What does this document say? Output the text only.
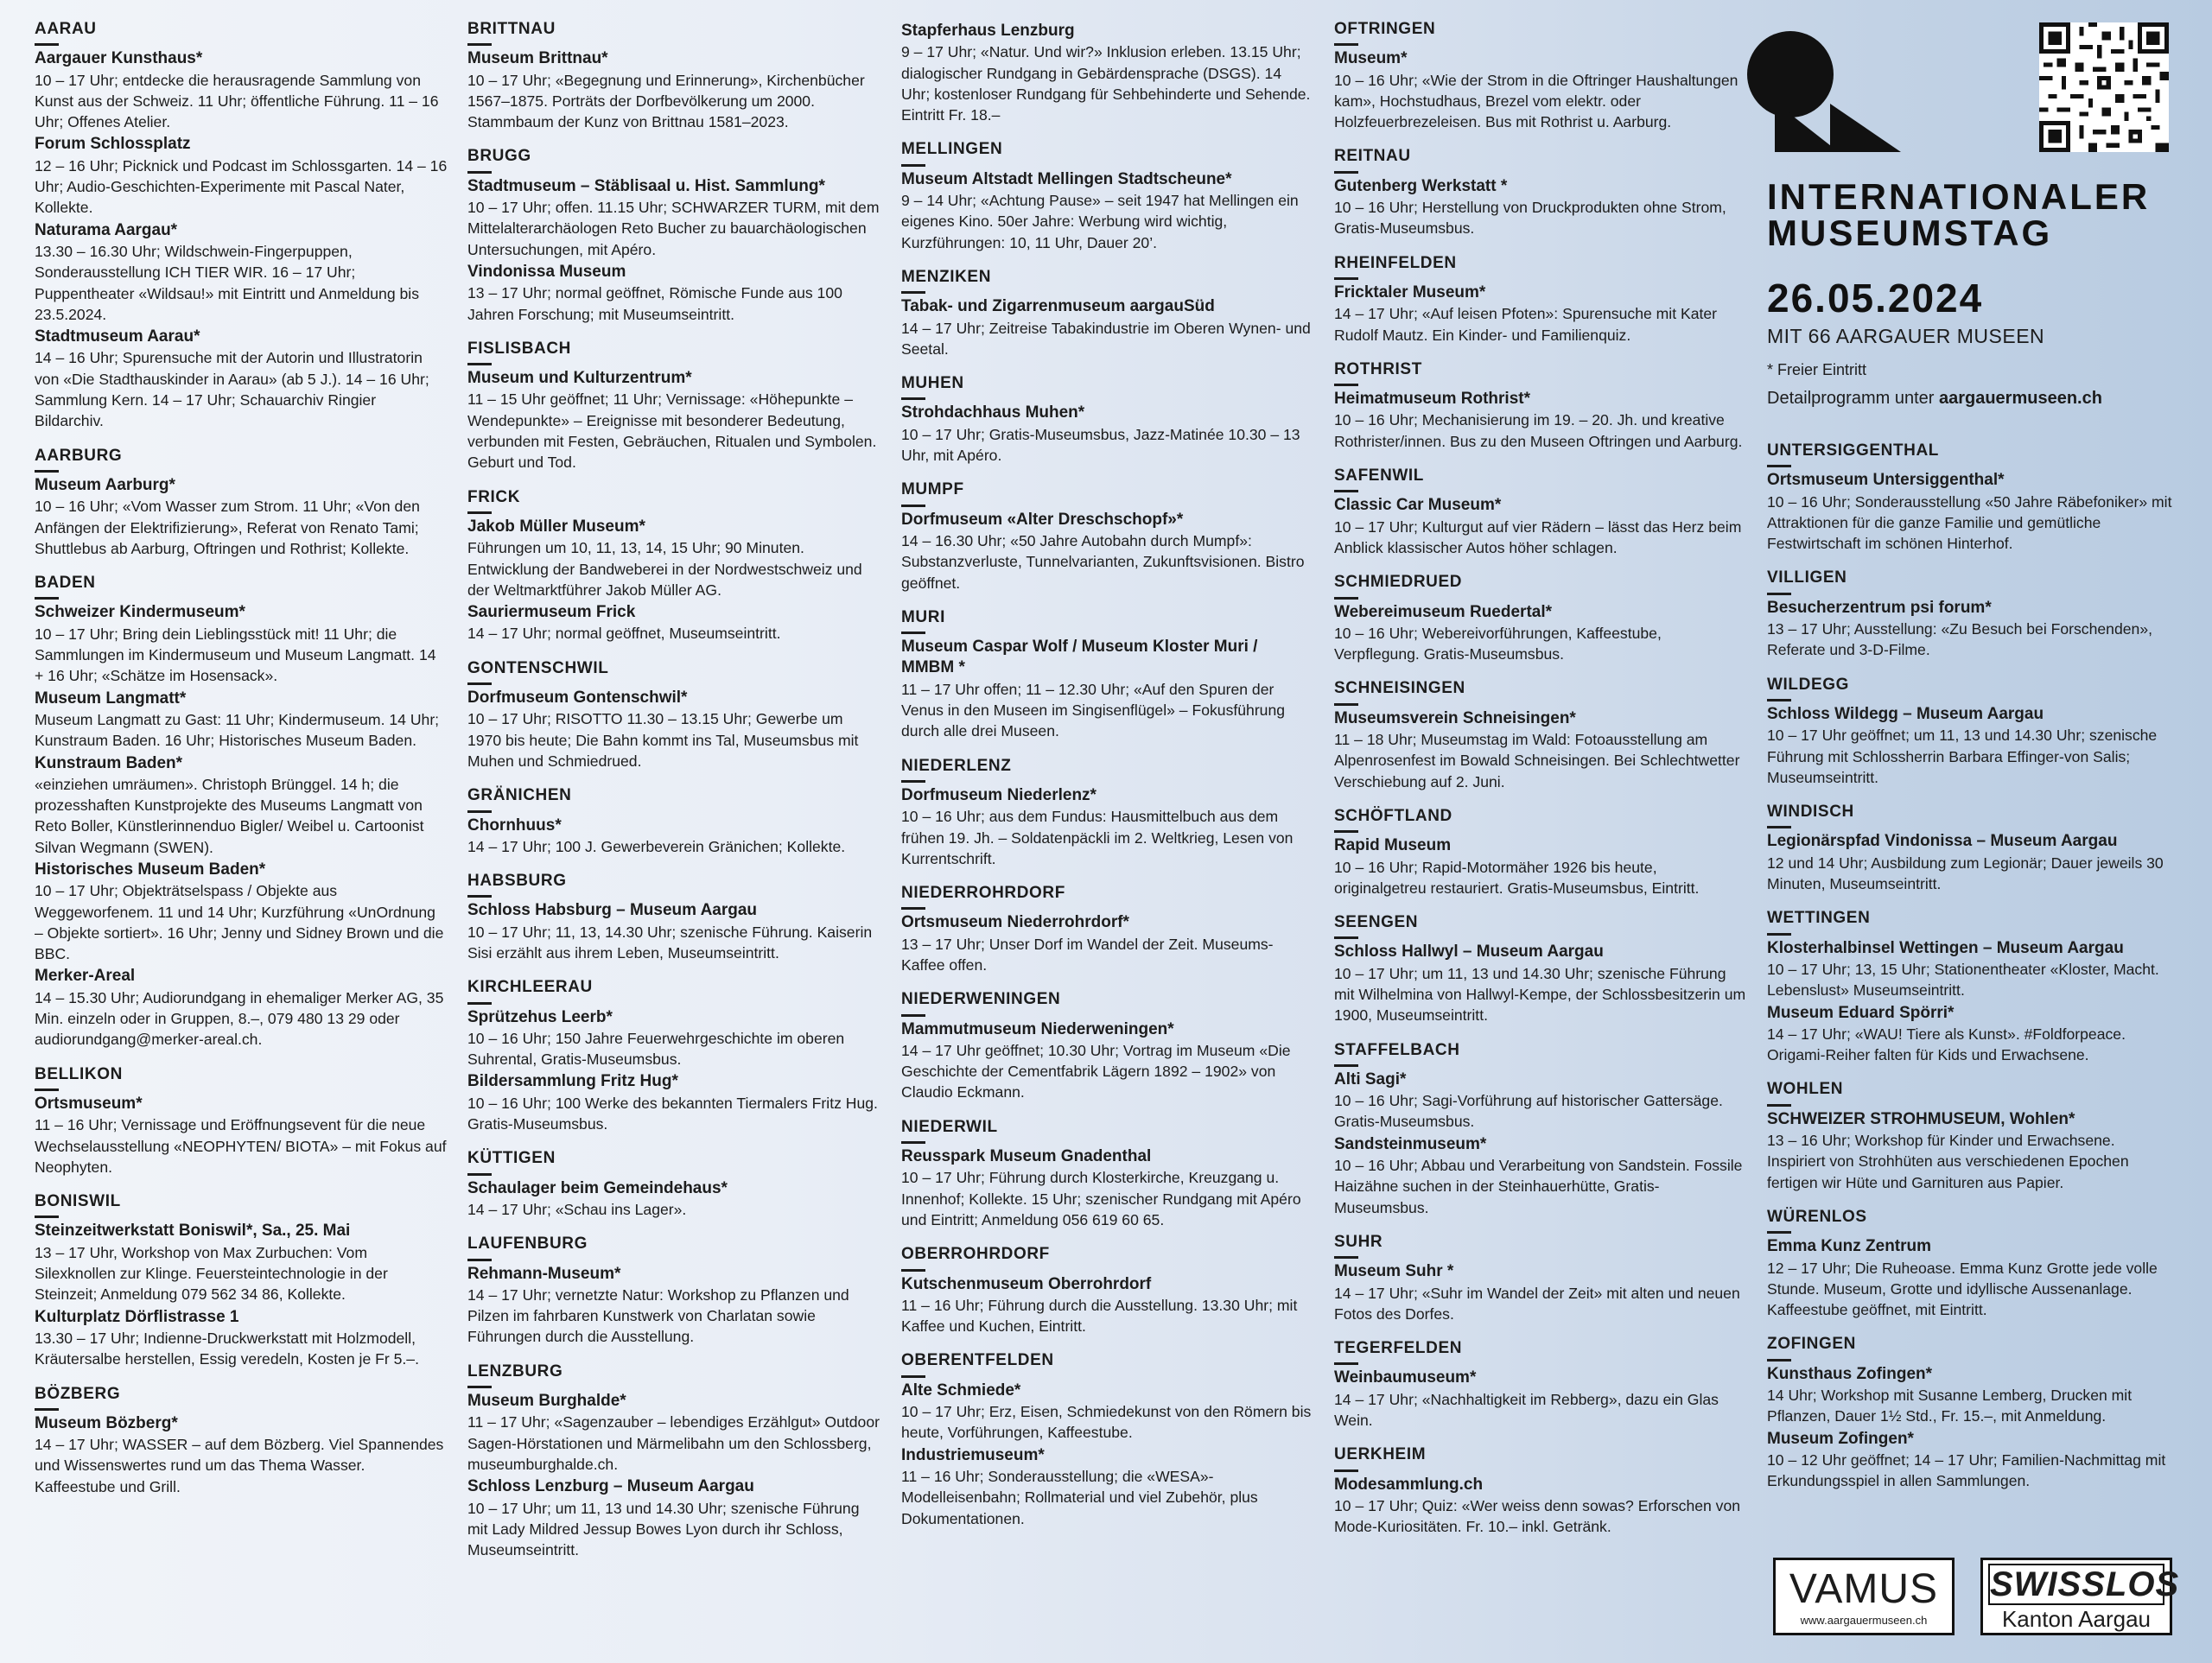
INTERNATIONALER
MUSEUMSTAG
26.05.2024
MIT 66 AARGAUER MUSEEN
* Freier Eintritt
Detailprogramm unter aargauermuseen.ch
AARAU
Aargauer Kunsthaus*
10 – 17 Uhr; entdecke die herausragende Sammlung von Kunst aus der Schweiz. 11 Uhr; öffentliche Führung. 11 – 16 Uhr; Offenes Atelier.
Forum Schlossplatz
12 – 16 Uhr; Picknick und Podcast im Schlossgarten. 14 – 16 Uhr; Audio-Geschichten-Experimente mit Pascal Nater, Kollekte.
Naturama Aargau*
13.30 – 16.30 Uhr; Wildschwein-Fingerpuppen, Sonderausstellung ICH TIER WIR. 16 – 17 Uhr; Puppentheater «Wildsau!» mit Eintritt und Anmeldung bis 23.5.2024.
Stadtmuseum Aarau*
14 – 16 Uhr; Spurensuche mit der Autorin und Illustratorin von «Die Stadthauskinder in Aarau» (ab 5 J.). 14 – 16 Uhr; Sammlung Kern. 14 – 17 Uhr; Schauarchiv Ringier Bildarchiv.
AARBURG
Museum Aarburg*
10 – 16 Uhr; «Vom Wasser zum Strom. 11 Uhr; «Von den Anfängen der Elektrifizierung», Referat von Renato Tami; Shuttlebus ab Aarburg, Oftringen und Rothrist; Kollekte.
BADEN
Schweizer Kindermuseum*
10 – 17 Uhr; Bring dein Lieblingsstück mit! 11 Uhr; die Sammlungen im Kindermuseum und Museum Langmatt. 14 + 16 Uhr; «Schätze im Hosensack».
Museum Langmatt*
Museum Langmatt zu Gast: 11 Uhr; Kindermuseum. 14 Uhr; Kunstraum Baden. 16 Uhr; Historisches Museum Baden.
Kunstraum Baden*
«einziehen umräumen». Christoph Brünggel. 14 h; die prozesshaften Kunstprojekte des Museums Langmatt von Reto Boller, Künstlerinnenduo Bigler/ Weibel u. Cartoonist Silvan Wegmann (SWEN).
Historisches Museum Baden*
10 – 17 Uhr; Objekträtselspass / Objekte aus Weggeworfenem. 11 und 14 Uhr; Kurzführung «UnOrdnung – Objekte sortiert». 16 Uhr; Jenny und Sidney Brown und die BBC.
Merker-Areal
14 – 15.30 Uhr; Audiorundgang in ehemaliger Merker AG, 35 Min. einzeln oder in Gruppen, 8.–, 079 480 13 29 oder audiorundgang@merker-areal.ch.
BELLIKON
Ortsmuseum*
11 – 16 Uhr; Vernissage und Eröffnungsevent für die neue Wechselausstellung «NEOPHYTEN/ BIOTA» – mit Fokus auf Neophyten.
BONISWIL
Steinzeitwerkstatt Boniswil*, Sa., 25. Mai
13 – 17 Uhr, Workshop von Max Zurbuchen: Vom Silexknollen zur Klinge. Feuersteintechnologie in der Steinzeit; Anmeldung 079 562 34 86, Kollekte.
Kulturplatz Dörflistrasse 1
13.30 – 17 Uhr; Indienne-Druckwerkstatt mit Holzmodell, Kräutersalbe herstellen, Essig veredeln, Kosten je Fr 5.–.
BÖZBERG
Museum Bözberg*
14 – 17 Uhr; WASSER – auf dem Bözberg. Viel Spannendes und Wissenswertes rund um das Thema Wasser. Kaffeestube und Grill.
BRITTNAU
Museum Brittnau*
10 – 17 Uhr; «Begegnung und Erinnerung», Kirchenbücher 1567–1875. Porträts der Dorfbevölkerung um 2000. Stammbaum der Kunz von Brittnau 1581–2023.
BRUGG
Stadtmuseum – Stäblisaal u. Hist. Sammlung*
10 – 17 Uhr; offen. 11.15 Uhr; SCHWARZER TURM, mit dem Mittelalterarchäologen Reto Bucher zu bauarchäologischen Untersuchungen, mit Apéro.
Vindonissa Museum
13 – 17 Uhr; normal geöffnet, Römische Funde aus 100 Jahren Forschung; mit Museumseintritt.
FISLISBACH
Museum und Kulturzentrum*
11 – 15 Uhr geöffnet; 11 Uhr; Vernissage: «Höhepunkte – Wendepunkte» – Ereignisse mit besonderer Bedeutung, verbunden mit Festen, Gebräuchen, Ritualen und Symbolen. Geburt und Tod.
FRICK
Jakob Müller Museum*
Führungen um 10, 11, 13, 14, 15 Uhr; 90 Minuten. Entwicklung der Bandweberei in der Nordwestschweiz und der Weltmarktführer Jakob Müller AG.
Sauriermuseum Frick
14 – 17 Uhr; normal geöffnet, Museumseintritt.
GONTENSCHWIL
Dorfmuseum Gontenschwil*
10 – 17 Uhr; RISOTTO 11.30 – 13.15 Uhr; Gewerbe um 1970 bis heute; Die Bahn kommt ins Tal, Museumsbus mit Muhen und Schmiedrued.
GRÄNICHEN
Chornhuus*
14 – 17 Uhr; 100 J. Gewerbeverein Gränichen; Kollekte.
HABSBURG
Schloss Habsburg – Museum Aargau
10 – 17 Uhr; 11, 13, 14.30 Uhr; szenische Führung. Kaiserin Sisi erzählt aus ihrem Leben, Museumseintritt.
KIRCHLEERAU
Sprützehus Leerb*
10 – 16 Uhr; 150 Jahre Feuerwehrgeschichte im oberen Suhrental, Gratis-Museumsbus.
Bildersammlung Fritz Hug*
10 – 16 Uhr; 100 Werke des bekannten Tiermalers Fritz Hug. Gratis-Museumsbus.
KÜTTIGEN
Schaulager beim Gemeindehaus*
14 – 17 Uhr; «Schau ins Lager».
LAUFENBURG
Rehmann-Museum*
14 – 17 Uhr; vernetzte Natur: Workshop zu Pflanzen und Pilzen im fahrbaren Kunstwerk von Charlatan sowie Führungen durch die Ausstellung.
LENZBURG
Museum Burghalde*
11 – 17 Uhr; «Sagenzauber – lebendiges Erzählgut» Outdoor Sagen-Hörstationen und Märmelibahn um den Schlossberg, museumburghalde.ch.
Schloss Lenzburg – Museum Aargau
10 – 17 Uhr; um 11, 13 und 14.30 Uhr; szenische Führung mit Lady Mildred Jessup Bowes Lyon durch ihr Schloss, Museumseintritt.
Stapferhaus Lenzburg
9 – 17 Uhr; «Natur. Und wir?» Inklusion erleben. 13.15 Uhr; dialogischer Rundgang in Gebärdensprache (DSGS). 14 Uhr; kostenloser Rundgang für Sehbehinderte und Sehende. Eintritt Fr. 18.–
MELLINGEN
Museum Altstadt Mellingen Stadtscheune*
9 – 14 Uhr; «Achtung Pause» – seit 1947 hat Mellingen ein eigenes Kino. 50er Jahre: Werbung wird wichtig, Kurzführungen: 10, 11 Uhr, Dauer 20’.
MENZIKEN
Tabak- und Zigarrenmuseum aargauSüd
14 – 17 Uhr; Zeitreise Tabakindustrie im Oberen Wynen- und Seetal.
MUHEN
Strohdachhaus Muhen*
10 – 17 Uhr; Gratis-Museumsbus, Jazz-Matinée 10.30 – 13 Uhr, mit Apéro.
MUMPF
Dorfmuseum «Alter Dreschschopf»*
14 – 16.30 Uhr; «50 Jahre Autobahn durch Mumpf»: Substanzverluste, Tunnelvarianten, Zukunftsvisionen. Bistro geöffnet.
MURI
Museum Caspar Wolf / Museum Kloster Muri / MMBM *
11 – 17 Uhr offen; 11 – 12.30 Uhr; «Auf den Spuren der Venus in den Museen im Singisenflügel» – Fokusführung durch alle drei Museen.
NIEDERLENZ
Dorfmuseum Niederlenz*
10 – 16 Uhr; aus dem Fundus: Hausmittelbuch aus dem frühen 19. Jh. – Soldatenpäckli im 2. Weltkrieg, Lesen von Kurrentschrift.
NIEDERROHRDORF
Ortsmuseum Niederrohrdorf*
13 – 17 Uhr; Unser Dorf im Wandel der Zeit. Museums-Kaffee offen.
NIEDERWENINGEN
Mammutmuseum Niederweningen*
14 – 17 Uhr geöffnet; 10.30 Uhr; Vortrag im Museum «Die Geschichte der Cementfabrik Lägern 1892 – 1902» von Claudio Eckmann.
NIEDERWIL
Reusspark Museum Gnadenthal
10 – 17 Uhr; Führung durch Klosterkirche, Kreuzgang u. Innenhof; Kollekte. 15 Uhr; szenischer Rundgang mit Apéro und Eintritt; Anmeldung 056 619 60 65.
OBERROHRDORF
Kutschenmuseum Oberrohrdorf
11 – 16 Uhr; Führung durch die Ausstellung. 13.30 Uhr; mit Kaffee und Kuchen, Eintritt.
OBERENTFELDEN
Alte Schmiede*
10 – 17 Uhr; Erz, Eisen, Schmiedekunst von den Römern bis heute, Vorführungen, Kaffeestube.
Industriemuseum*
11 – 16 Uhr; Sonderausstellung; die «WESA»-Modelleisenbahn; Rollmaterial und viel Zubehör, plus Dokumentationen.
OFTRINGEN
Museum*
10 – 16 Uhr; «Wie der Strom in die Oftringer Haushaltungen kam», Hochstudhaus, Brezel vom elektr. oder Holzfeuerbrezeleisen. Bus mit Rothrist u. Aarburg.
REITNAU
Gutenberg Werkstatt *
10 – 16 Uhr; Herstellung von Druckprodukten ohne Strom, Gratis-Museumsbus.
RHEINFELDEN
Fricktaler Museum*
14 – 17 Uhr; «Auf leisen Pfoten»: Spurensuche mit Kater Rudolf Mautz. Ein Kinder- und Familienquiz.
ROTHRIST
Heimatmuseum Rothrist*
10 – 16 Uhr; Mechanisierung im 19. – 20. Jh. und kreative Rothrister/innen. Bus zu den Museen Oftringen und Aarburg.
SAFENWIL
Classic Car Museum*
10 – 17 Uhr; Kulturgut auf vier Rädern – lässt das Herz beim Anblick klassischer Autos höher schlagen.
SCHMIEDRUED
Webereimuseum Ruedertal*
10 – 16 Uhr; Webereivorführungen, Kaffeestube, Verpflegung. Gratis-Museumsbus.
SCHNEISINGEN
Museumsverein Schneisingen*
11 – 18 Uhr; Museumstag im Wald: Fotoausstellung am Alpenrosenfest im Bowald Schneisingen. Bei Schlechtwetter Verschiebung auf 2. Juni.
SCHÖFTLAND
Rapid Museum
10 – 16 Uhr; Rapid-Motormäher 1926 bis heute, originalgetreu restauriert. Gratis-Museumsbus, Eintritt.
SEENGEN
Schloss Hallwyl – Museum Aargau
10 – 17 Uhr; um 11, 13 und 14.30 Uhr; szenische Führung mit Wilhelmina von Hallwyl-Kempe, der Schlossbesitzerin um 1900, Museumseintritt.
STAFFELBACH
Alti Sagi*
10 – 16 Uhr; Sagi-Vorführung auf historischer Gattersäge. Gratis-Museumsbus.
Sandsteinmuseum*
10 – 16 Uhr; Abbau und Verarbeitung von Sandstein. Fossile Haizähne suchen in der Steinhauerhütte, Gratis-Museumsbus.
SUHR
Museum Suhr *
14 – 17 Uhr; «Suhr im Wandel der Zeit» mit alten und neuen Fotos des Dorfes.
TEGERFELDEN
Weinbaumuseum*
14 – 17 Uhr; «Nachhaltigkeit im Rebberg», dazu ein Glas Wein.
UERKHEIM
Modesammlung.ch
10 – 17 Uhr; Quiz: «Wer weiss denn sowas? Erforschen von Mode-Kuriositäten. Fr. 10.– inkl. Getränk.
UNTERSIGGENTHAL
Ortsmuseum Untersiggenthal*
10 – 16 Uhr; Sonderausstellung «50 Jahre Räbefoniker» mit Attraktionen für die ganze Familie und gemütliche Festwirtschaft im schönen Hinterhof.
VILLIGEN
Besucherzentrum psi forum*
13 – 17 Uhr; Ausstellung: «Zu Besuch bei Forschenden», Referate und 3-D-Filme.
WILDEGG
Schloss Wildegg – Museum Aargau
10 – 17 Uhr geöffnet; um 11, 13 und 14.30 Uhr; szenische Führung mit Schlossherrin Barbara Effinger-von Salis; Museumseintritt.
WINDISCH
Legionärspfad Vindonissa – Museum Aargau
12 und 14 Uhr; Ausbildung zum Legionär; Dauer jeweils 30 Minuten, Museumseintritt.
WETTINGEN
Klosterhalbinsel Wettingen – Museum Aargau
10 – 17 Uhr; 13, 15 Uhr; Stationentheater «Kloster, Macht. Lebenslust» Museumseintritt.
Museum Eduard Spörri*
14 – 17 Uhr; «WAU! Tiere als Kunst». #Foldforpeace. Origami-Reiher falten für Kids und Erwachsene.
WOHLEN
SCHWEIZER STROHMUSEUM, Wohlen*
13 – 16 Uhr; Workshop für Kinder und Erwachsene. Inspiriert von Strohhüten aus verschiedenen Epochen fertigen wir Hüte und Garnituren aus Papier.
WÜRENLOS
Emma Kunz Zentrum
12 – 17 Uhr; Die Ruheoase. Emma Kunz Grotte jede volle Stunde. Museum, Grotte und idyllische Aussenanlage. Kaffeestube geöffnet, mit Eintritt.
ZOFINGEN
Kunsthaus Zofingen*
14 Uhr; Workshop mit Susanne Lemberg, Drucken mit Pflanzen, Dauer 1½ Std., Fr. 15.–, mit Anmeldung.
Museum Zofingen*
10 – 12 Uhr geöffnet; 14 – 17 Uhr; Familien-Nachmittag mit Erkundungsspiel in allen Sammlungen.
VAMUS
www.aargauermuseen.ch
SWISSLOS
Kanton Aargau
